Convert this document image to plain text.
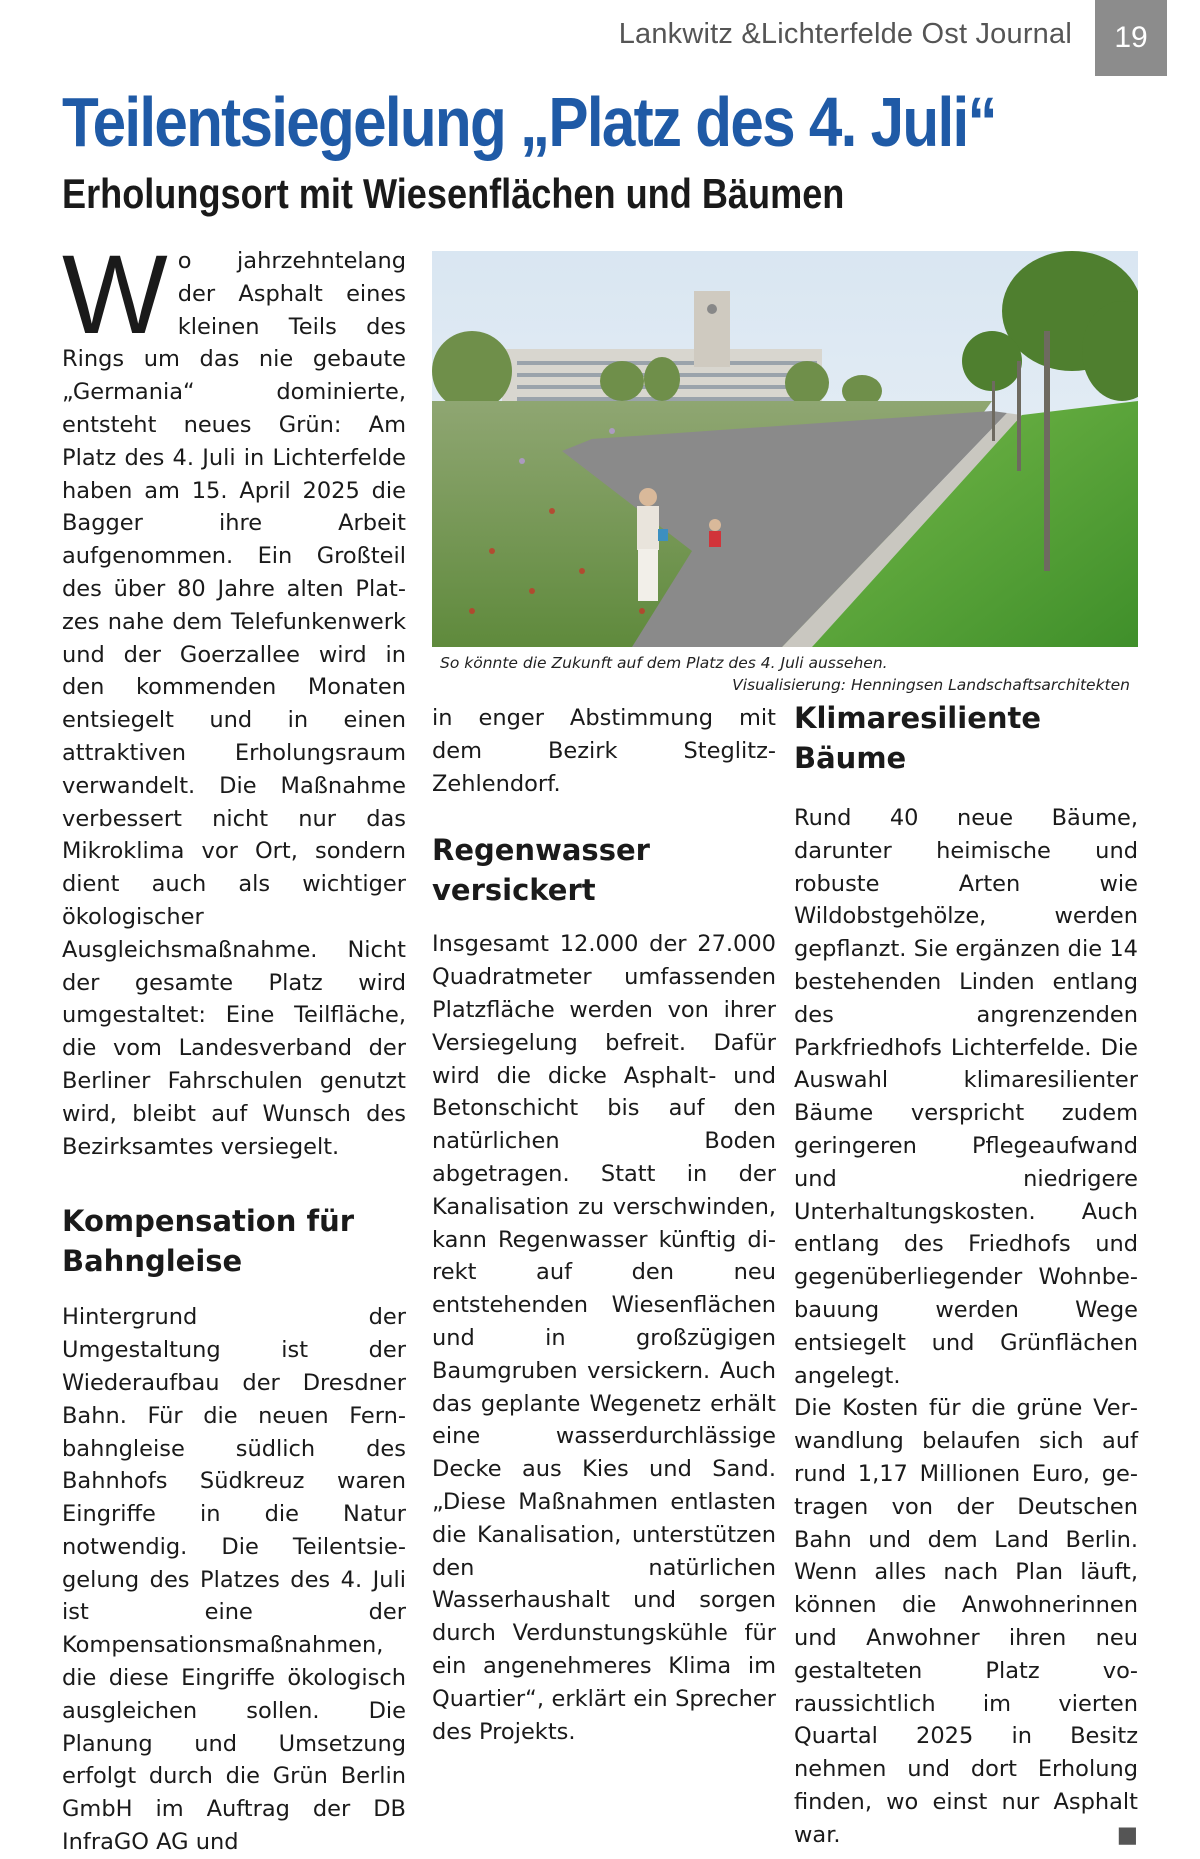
Lankwitz &Lichterfelde Ost Journal	19
Teilentsiegelung „Platz des 4. Juli“
Erholungsort mit Wiesenflächen und Bäumen
W o jahrzehntelang der Asphalt eines kleinen Teils des Rings um das nie gebaute „Germania“ dominierte, entsteht neues Grün: Am Platz des 4. Juli in Lichterfelde haben am 15. April 2025 die Bagger ihre Arbeit aufgenommen. Ein Großteil des über 80 Jahre alten Platzes nahe dem Telefunkenwerk und der Goerzallee wird in den kommenden Monaten entsiegelt und in einen attraktiven Erholungsraum verwandelt. Die Maßnahme verbessert nicht nur das Mikroklima vor Ort, sondern dient auch als wichtiger ökologischer Ausgleichsmaßnahme. Nicht der gesamte Platz wird umgestaltet: Eine Teilfläche, die vom Landesverband der Berliner Fahrschulen genutzt wird, bleibt auf Wunsch des Bezirksamtes versiegelt.

Kompensation für Bahngleise

Hintergrund der Umgestaltung ist der Wiederaufbau der Dresdner Bahn. Für die neuen Fernbahngleise südlich des Bahnhofs Südkreuz waren Eingriffe in die Natur notwendig. Die Teilentsiegelung des Platzes des 4. Juli ist eine der Kompensationsmaßnahmen, die diese Eingriffe ökologisch ausgleichen sollen. Die Planung und Umsetzung erfolgt durch die Grün Berlin GmbH im Auftrag der DB InfraGO AG und

So könnte die Zukunft auf dem Platz des 4. Juli aussehen.
Visualisierung: Henningsen Landschaftsarchitekten

in enger Abstimmung mit dem Bezirk Steglitz-Zehlendorf.

Regenwasser versickert

Insgesamt 12.000 der 27.000 Quadratmeter umfassenden Platzfläche werden von ihrer Versiegelung befreit. Dafür wird die dicke Asphalt- und Betonschicht bis auf den natürlichen Boden abgetragen. Statt in der Kanalisation zu verschwinden, kann Regenwasser künftig direkt auf den neu entstehenden Wiesenflächen und in großzügigen Baumgruben versickern. Auch das geplante Wegenetz erhält eine wasserdurchlässige Decke aus Kies und Sand. „Diese Maßnahmen entlasten die Kanalisation, unterstützen den natürlichen Wasserhaushalt und sorgen durch Verdunstungskühle für ein angenehmeres Klima im Quartier“, erklärt ein Sprecher des Projekts.

Klimaresiliente Bäume

Rund 40 neue Bäume, darunter heimische und robuste Arten wie Wildobstgehölze, werden gepflanzt. Sie ergänzen die 14 bestehenden Linden entlang des angrenzenden Parkfriedhofs Lichterfelde. Die Auswahl klimaresilienter Bäume verspricht zudem geringeren Pflegeaufwand und niedrigere Unterhaltungskosten. Auch entlang des Friedhofs und gegenüberliegender Wohnbebauung werden Wege entsiegelt und Grünflächen angelegt.

Die Kosten für die grüne Verwandlung belaufen sich auf rund 1,17 Millionen Euro, getragen von der Deutschen Bahn und dem Land Berlin. Wenn alles nach Plan läuft, können die Anwohnerinnen und Anwohner ihren neu gestalteten Platz voraussichtlich im vierten Quartal 2025 in Besitz nehmen und dort Erholung finden, wo einst nur Asphalt war.	■
